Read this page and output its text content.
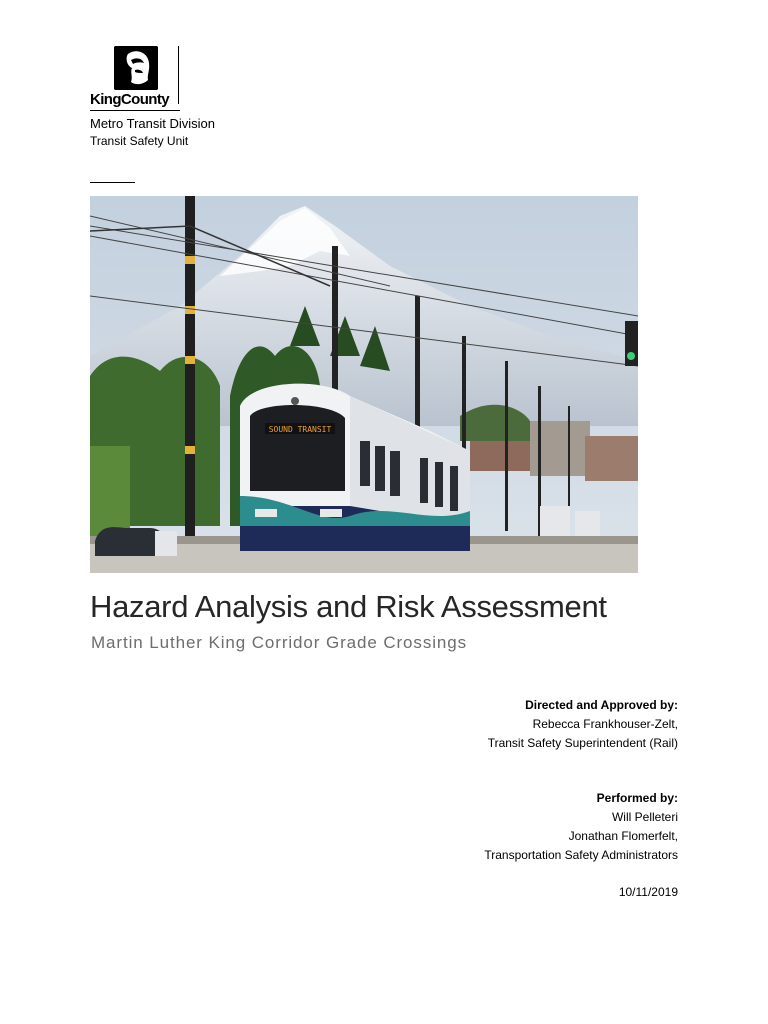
KingCounty
Metro Transit Division
Transit Safety Unit
SOUND TRANSIT
Hazard Analysis and Risk Assessment
Martin Luther King Corridor Grade Crossings
Directed and Approved by:
Rebecca Frankhouser-Zelt,
Transit Safety Superintendent (Rail)
Performed by:
Will Pelleteri
Jonathan Flomerfelt,
Transportation Safety Administrators
10/11/2019
